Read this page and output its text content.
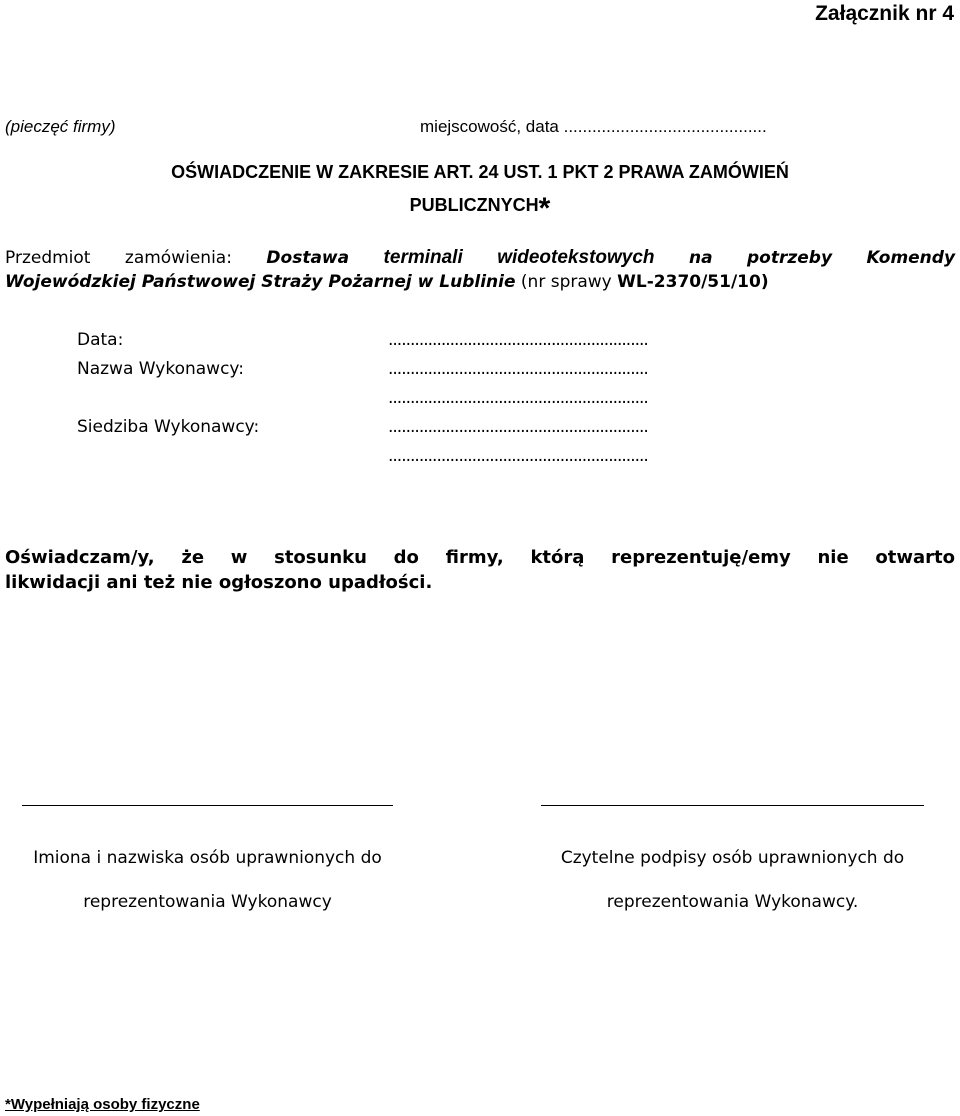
Załącznik nr 4
(pieczęć firmy)	miejscowość, data ...........................................
OŚWIADCZENIE W ZAKRESIE ART. 24 UST. 1 PKT 2 PRAWA ZAMÓWIEŃ
PUBLICZNYCH*
Przedmiot zamówienia: Dostawa terminali wideotekstowych na potrzeby Komendy
Wojewódzkiej Państwowej Straży Pożarnej w Lublinie (nr sprawy WL-2370/51/10)
Data:	...........................................................
Nazwa Wykonawcy:	...........................................................
...........................................................
Siedziba Wykonawcy:	...........................................................
...........................................................
Oświadczam/y, że w stosunku do firmy, którą reprezentuję/emy nie otwarto
likwidacji ani też nie ogłoszono upadłości.
Imiona i nazwiska osób uprawnionych do
reprezentowania Wykonawcy
Czytelne podpisy osób uprawnionych do
reprezentowania Wykonawcy.
*Wypełniają osoby fizyczne
